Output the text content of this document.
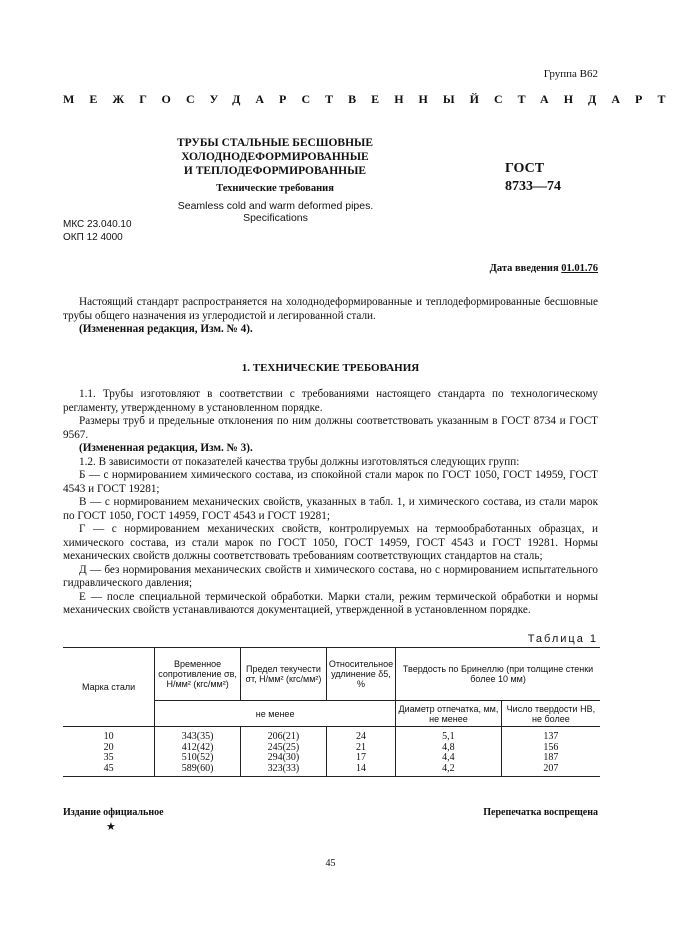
Группа В62
МЕЖГОСУДАРСТВЕННЫЙ СТАНДАРТ
ТРУБЫ СТАЛЬНЫЕ БЕСШОВНЫЕ
ХОЛОДНОДЕФОРМИРОВАННЫЕ
И ТЕПЛОДЕФОРМИРОВАННЫЕ
Технические требования
Seamless cold and warm deformed pipes. Specifications
ГОСТ
8733—74
МКС 23.040.10
ОКП 12 4000
Дата введения 01.01.76

Настоящий стандарт распространяется на холоднодеформированные и теплодеформированные бесшовные трубы общего назначения из углеродистой и легированной стали.

(Измененная редакция, Изм. № 4).

1. ТЕХНИЧЕСКИЕ ТРЕБОВАНИЯ

1.1. Трубы изготовляют в соответствии с требованиями настоящего стандарта по технологическому регламенту, утвержденному в установленном порядке.

Размеры труб и предельные отклонения по ним должны соответствовать указанным в ГОСТ 8734 и ГОСТ 9567.

(Измененная редакция, Изм. № 3).

1.2. В зависимости от показателей качества трубы должны изготовляться следующих групп:

Б — с нормированием химического состава, из спокойной стали марок по ГОСТ 1050, ГОСТ 14959, ГОСТ 4543 и ГОСТ 19281;

В — с нормированием механических свойств, указанных в табл. 1, и химического состава, из стали марок по ГОСТ 1050, ГОСТ 14959, ГОСТ 4543 и ГОСТ 19281;

Г — с нормированием механических свойств, контролируемых на термообработанных образцах, и химического состава, из стали марок по ГОСТ 1050, ГОСТ 14959, ГОСТ 4543 и ГОСТ 19281. Нормы механических свойств должны соответствовать требованиям соответствующих стандартов на сталь;

Д — без нормирования механических свойств и химического состава, но с нормированием испытательного гидравлического давления;

Е — после специальной термической обработки. Марки стали, режим термической обработки и нормы механических свойств устанавливаются документацией, утвержденной в установленном порядке.

Таблица 1
Марка стали	Временное сопротивление σв, Н/мм² (кгс/мм²)	Предел текучести σт, Н/мм² (кгс/мм²)	Относительное удлинение δ5, %	Твердость по Бринеллю (при толщине стенки более 10 мм)	
	не менее			Диаметр отпечатка, мм, не менее	Число твердости НВ, не более
10	343(35)	206(21)	24	5,1	137
20	412(42)	245(25)	21	4,8	156
35	510(52)	294(30)	17	4,4	187
45	589(60)	323(33)	14	4,2	207
Издание официальное
★
Перепечатка воспрещена
45
